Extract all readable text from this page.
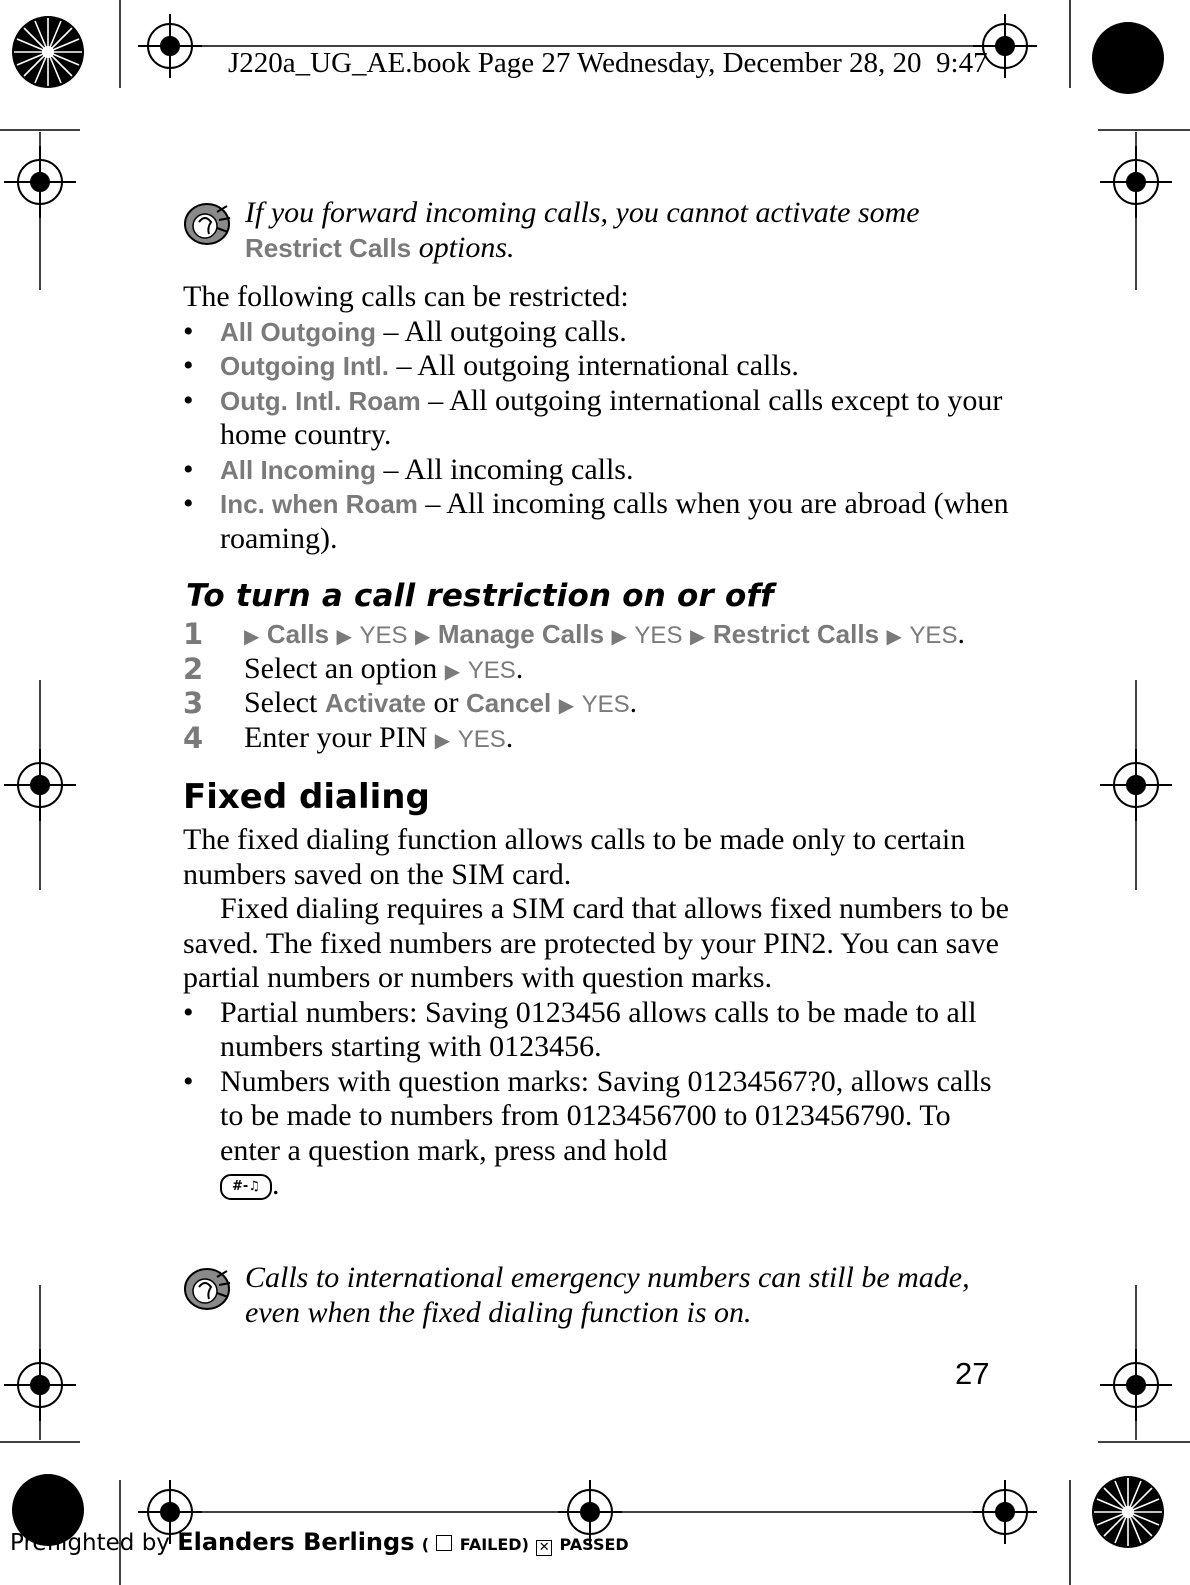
J220a_UG_AE.book Page 27 Wednesday, December 28, 20  9:47
If you forward incoming calls, you cannot activate some Restrict Calls options.
The following calls can be restricted:
• All Outgoing – All outgoing calls.
• Outgoing Intl. – All outgoing international calls.
• Outg. Intl. Roam – All outgoing international calls except to your home country.
• All Incoming – All incoming calls.
• Inc. when Roam – All incoming calls when you are abroad (when roaming).
To turn a call restriction on or off
1 ▶ Calls ▶ YES ▶ Manage Calls ▶ YES ▶ Restrict Calls ▶ YES.
2 Select an option ▶ YES.
3 Select Activate or Cancel ▶ YES.
4 Enter your PIN ▶ YES.
Fixed dialing
The fixed dialing function allows calls to be made only to certain numbers saved on the SIM card.
Fixed dialing requires a SIM card that allows fixed numbers to be saved. The fixed numbers are protected by your PIN2. You can save partial numbers or numbers with question marks.
• Partial numbers: Saving 0123456 allows calls to be made to all numbers starting with 0123456.
• Numbers with question marks: Saving 01234567?0, allows calls to be made to numbers from 0123456700 to 0123456790. To enter a question mark, press and hold
#-♫ .
Calls to international emergency numbers can still be made, even when the fixed dialing function is on.
27
Preflighted by Elanders Berlings ( FAILED) ✕ PASSED
